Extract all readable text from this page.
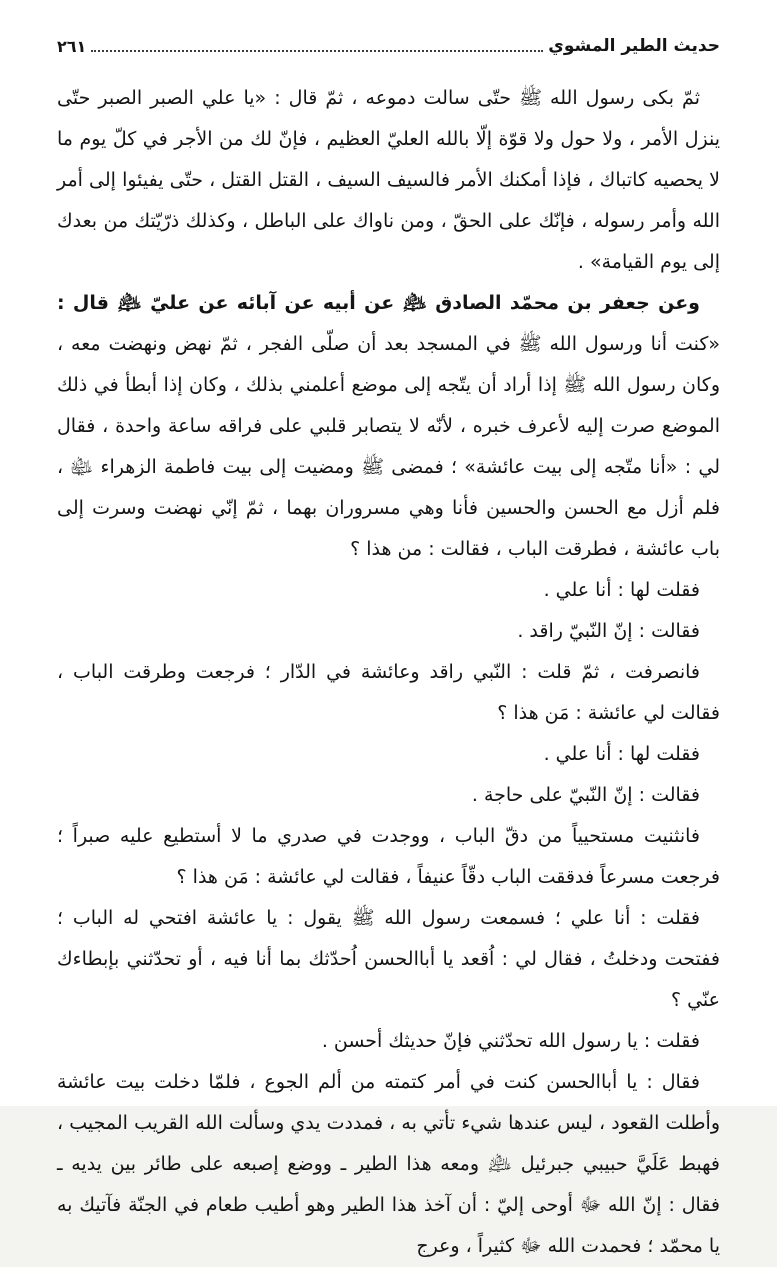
حديث الطير المشوي
٢٦١

ثمّ بكى رسول الله ﷺ حتّى سالت دموعه ، ثمّ قال : «يا علي الصبر الصبر حتّى ينزل الأمر ، ولا حول ولا قوّة إلّا بالله العليّ العظيم ، فإنّ لك من الأجر في كلّ يوم ما لا يحصيه كاتباك ، فإذا أمكنك الأمر فالسيف السيف ، القتل القتل ، حتّى يفيئوا إلى أمر الله وأمر رسوله ، فإنّك على الحقّ ، ومن ناواك على الباطل ، وكذلك ذرّيّتك من بعدك إلى يوم القيامة» .

وعن جعفر بن محمّد الصادق ﵇ عن أبيه عن آبائه عن عليّ ﵇ قال : «كنت أنا ورسول الله ﷺ في المسجد بعد أن صلّى الفجر ، ثمّ نهض ونهضت معه ، وكان رسول الله ﷺ إذا أراد أن يتّجه إلى موضع أعلمني بذلك ، وكان إذا أبطأ في ذلك الموضع صرت إليه لأعرف خبره ، لأنّه لا يتصابر قلبي على فراقه ساعة واحدة ، فقال لي : «أنا متّجه إلى بيت عائشة» ؛ فمضى ﷺ ومضيت إلى بيت فاطمة الزهراء ﵍ ، فلم أزل مع الحسن والحسين فأنا وهي مسروران بهما ، ثمّ إنّي نهضت وسرت إلى باب عائشة ، فطرقت الباب ، فقالت : من هذا ؟

فقلت لها : أنا علي .

فقالت : إنّ النّبيّ راقد .

فانصرفت ، ثمّ قلت : النّبي راقد وعائشة في الدّار ؛ فرجعت وطرقت الباب ، فقالت لي عائشة : مَن هذا ؟

فقلت لها : أنا علي .

فقالت : إنّ النّبيّ على حاجة .

فانثنيت مستحيياً من دقّ الباب ، ووجدت في صدري ما لا أستطيع عليه صبراً ؛ فرجعت مسرعاً فدققت الباب دقّاً عنيفاً ، فقالت لي عائشة : مَن هذا ؟

فقلت : أنا علي ؛ فسمعت رسول الله ﷺ يقول : يا عائشة افتحي له الباب ؛ ففتحت ودخلتُ ، فقال لي : اُقعد يا أباالحسن اُحدّثك بما أنا فيه ، أو تحدّثني بإبطاءك عنّي ؟

فقلت : يا رسول الله تحدّثني فإنّ حديثك أحسن .

فقال : يا أباالحسن كنت في أمر كتمته من ألم الجوع ، فلمّا دخلت بيت عائشة وأطلت القعود ، ليس عندها شيء تأتي به ، فمددت يدي وسألت الله القريب المجيب ، فهبط عَلَيَّ حبيبي جبرئيل ﵇ ومعه هذا الطير ـ ووضع إصبعه على طائر بين يديه ـ فقال : إنّ الله ﷻ أوحى إليّ : أن آخذ هذا الطير وهو أطيب طعام في الجنّة فآتيك به يا محمّد ؛ فحمدت الله ﷻ كثيراً ، وعرج
